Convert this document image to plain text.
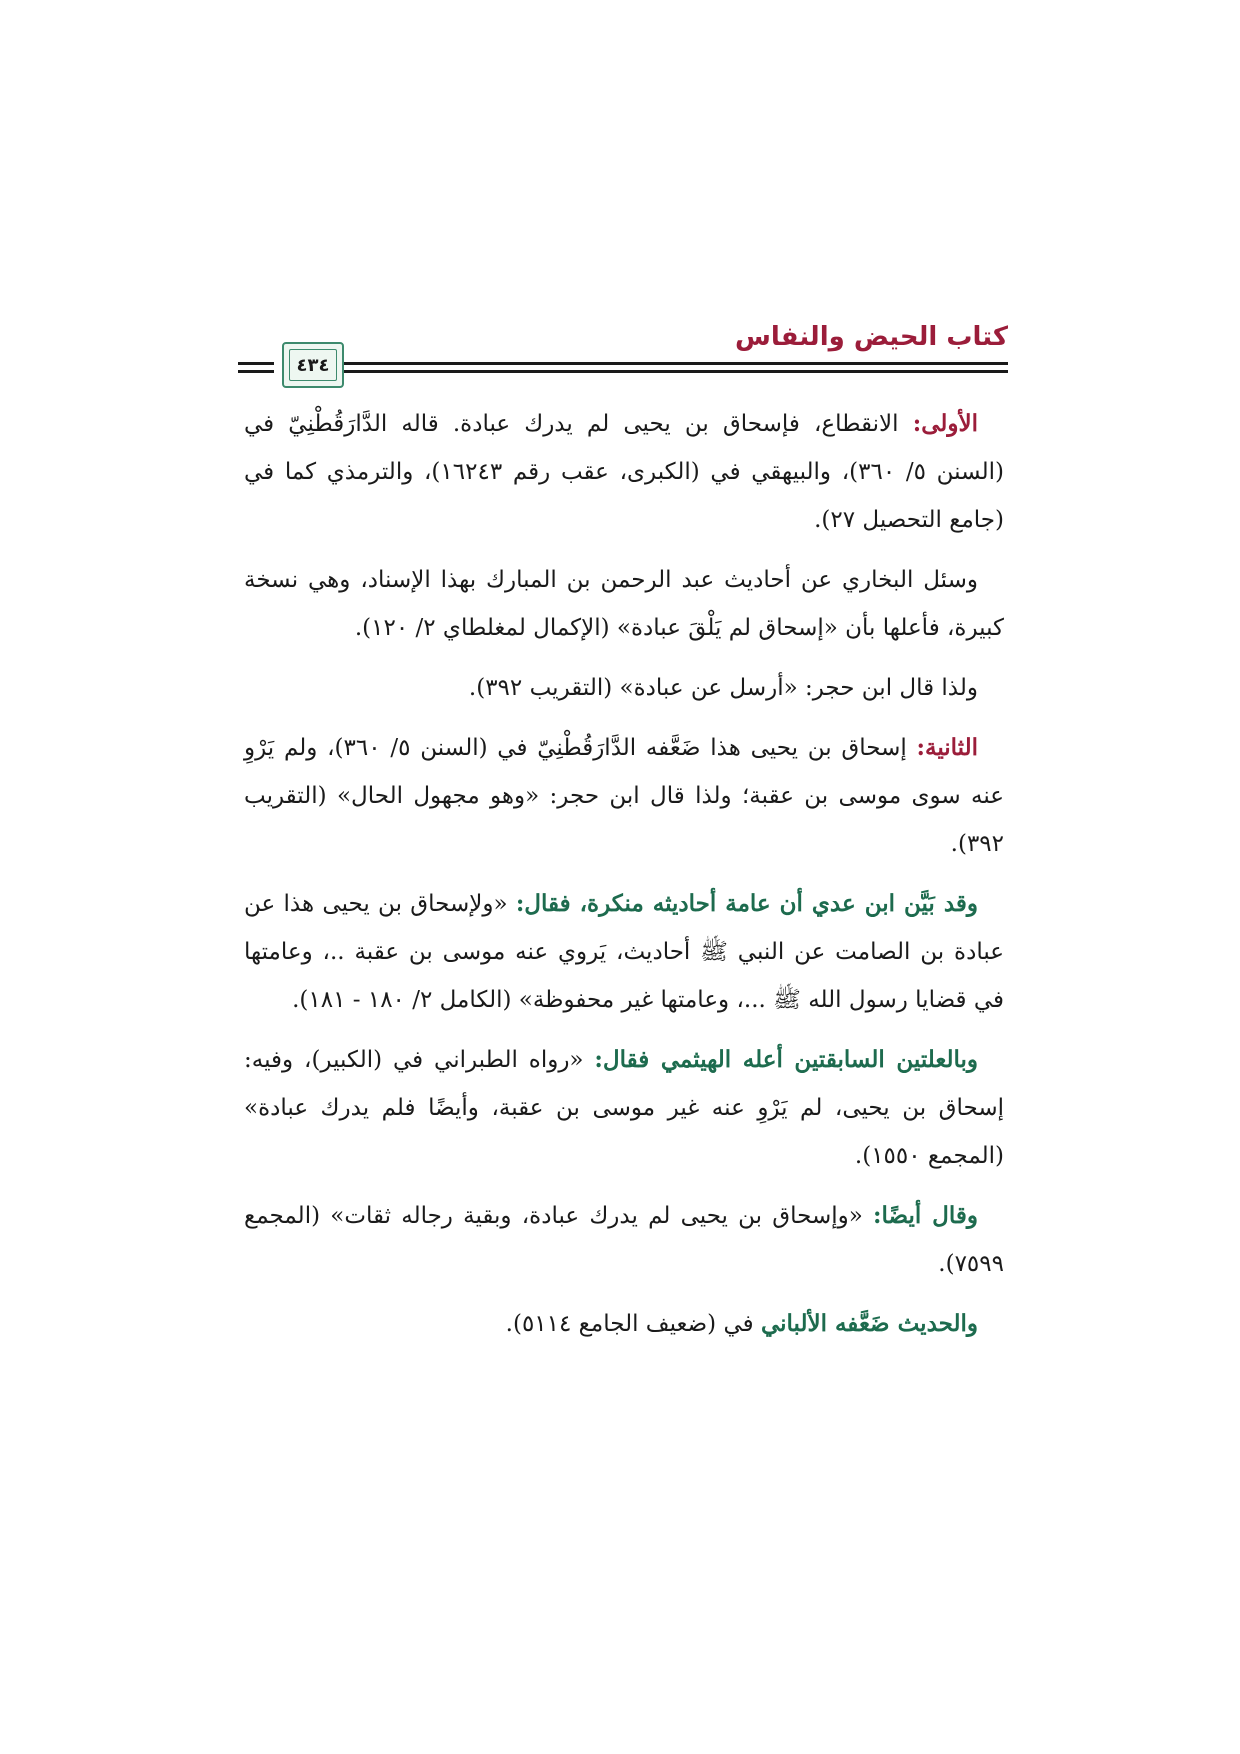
كتاب الحيض والنفاس
٤٣٤

الأولى: الانقطاع، فإسحاق بن يحيى لم يدرك عبادة. قاله الدَّارَقُطْنِيّ في (السنن ٥/ ٣٦٠)، والبيهقي في (الكبرى، عقب رقم ١٦٢٤٣)، والترمذي كما في (جامع التحصيل ٢٧).

وسئل البخاري عن أحاديث عبد الرحمن بن المبارك بهذا الإسناد، وهي نسخة كبيرة، فأعلها بأن «إسحاق لم يَلْقَ عبادة» (الإكمال لمغلطاي ٢/ ١٢٠).

ولذا قال ابن حجر: «أرسل عن عبادة» (التقريب ٣٩٢).

الثانية: إسحاق بن يحيى هذا ضَعَّفه الدَّارَقُطْنِيّ في (السنن ٥/ ٣٦٠)، ولم يَرْوِ عنه سوى موسى بن عقبة؛ ولذا قال ابن حجر: «وهو مجهول الحال» (التقريب ٣٩٢).

وقد بَيَّن ابن عدي أن عامة أحاديثه منكرة، فقال: «ولإسحاق بن يحيى هذا عن عبادة بن الصامت عن النبي ﷺ أحاديث، يَروي عنه موسى بن عقبة ..، وعامتها في قضايا رسول الله ﷺ ...، وعامتها غير محفوظة» (الكامل ٢/ ١٨٠ - ١٨١).

وبالعلتين السابقتين أعله الهيثمي فقال: «رواه الطبراني في (الكبير)، وفيه: إسحاق بن يحيى، لم يَرْوِ عنه غير موسى بن عقبة، وأيضًا فلم يدرك عبادة» (المجمع ١٥٥٠).

وقال أيضًا: «وإسحاق بن يحيى لم يدرك عبادة، وبقية رجاله ثقات» (المجمع ٧٥٩٩).

والحديث ضَعَّفه الألباني في (ضعيف الجامع ٥١١٤).
